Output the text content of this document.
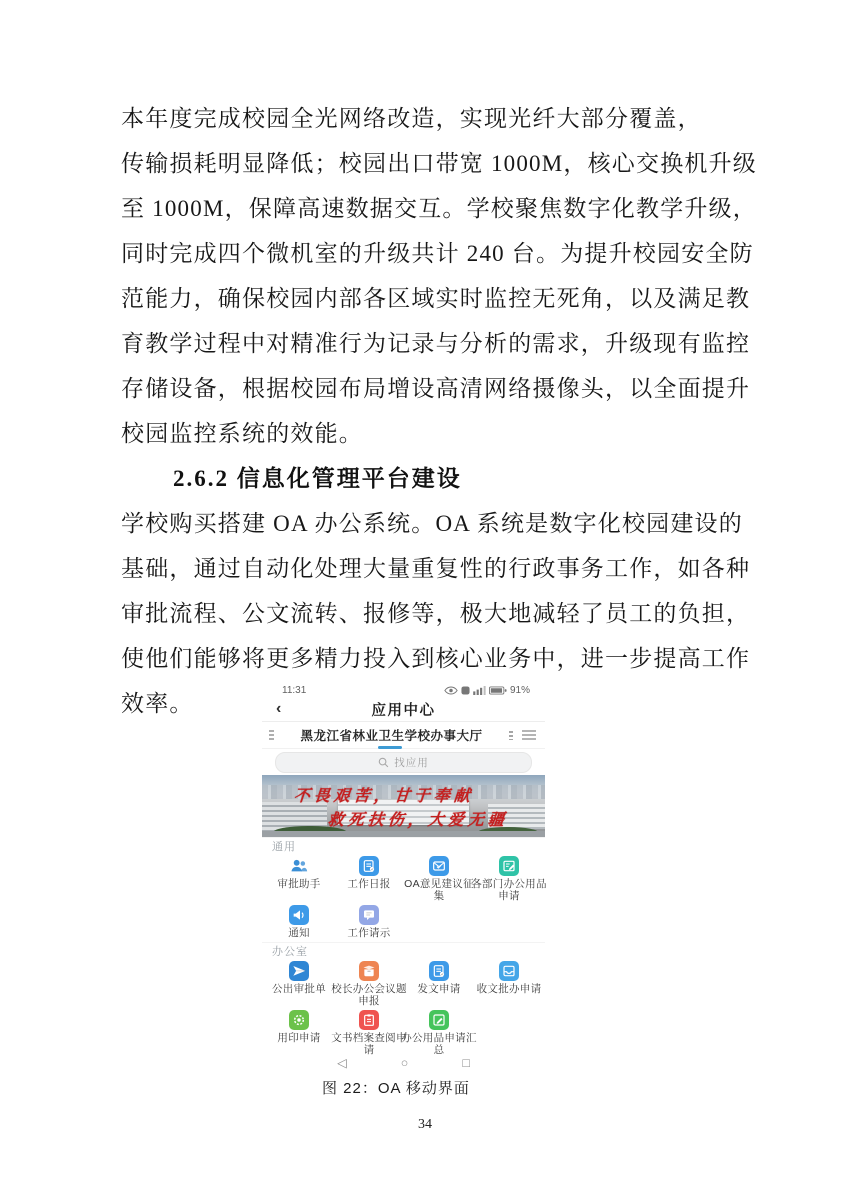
本年度完成校园全光网络改造，实现光纤大部分覆盖，
传输损耗明显降低；校园出口带宽 1000M，核心交换机升级
至 1000M，保障高速数据交互。学校聚焦数字化教学升级，
同时完成四个微机室的升级共计 240 台。为提升校园安全防
范能力，确保校园内部各区域实时监控无死角，以及满足教
育教学过程中对精准行为记录与分析的需求，升级现有监控
存储设备，根据校园布局增设高清网络摄像头，以全面提升
校园监控系统的效能。
2.6.2 信息化管理平台建设
学校购买搭建 OA 办公系统。OA 系统是数字化校园建设的
基础，通过自动化处理大量重复性的行政事务工作，如各种
审批流程、公文流转、报修等，极大地减轻了员工的负担，
使他们能够将更多精力投入到核心业务中，进一步提高工作
效率。
11:31	91%
‹	应用中心
黑龙江省林业卫生学校办事大厅
找应用
不畏艰苦，甘于奉献
救死扶伤，大爱无疆
通用
审批助手	工作日报	OA意见建议征集
各部门办公用品申请
通知	工作请示
办公室
公出审批单 校长办公会议题申报
发文申请	收文批办申请
用印申请	文书档案查阅申请
办公用品申请汇总
◁	○	□
图 22：OA 移动界面
34
